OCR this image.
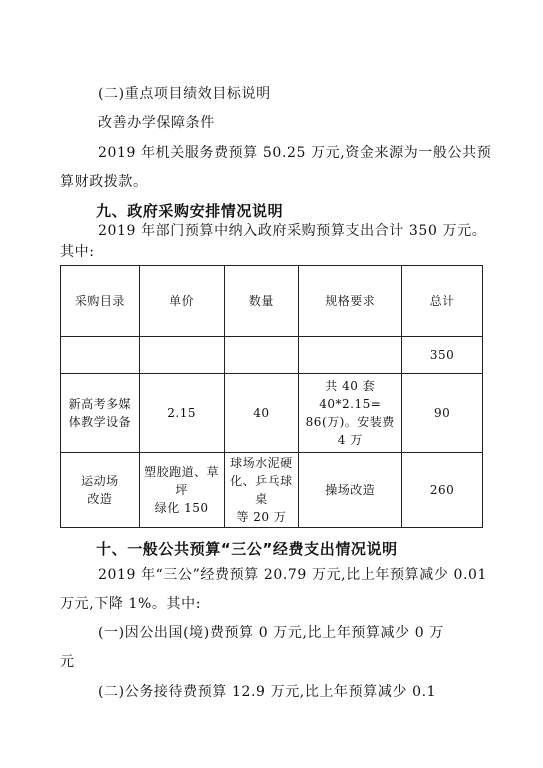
(二)重点项目绩效目标说明
改善办学保障条件
2019 年机关服务费预算 50.25 万元,资金来源为一般公共预
算财政拨款。
九、政府采购安排情况说明
2019 年部门预算中纳入政府采购预算支出合计 350 万元。
其中:
采购目录	单价	数量	规格要求	总计
				350

新高考多媒
体教学设备	2.15	40	共 40 套 40*2.15=
86(万)。安装费
4 万	90

运动场
改造	塑胶跑道、草坪
绿化 150	球场水泥硬
化、乒乓球桌
等 20 万	操场改造	260
十、一般公共预算“三公”经费支出情况说明
2019 年“三公”经费预算 20.79 万元,比上年预算减少 0.01
万元,下降 1%。其中:
(一)因公出国(境)费预算 0 万元,比上年预算减少 0 万
元
(二)公务接待费预算 12.9 万元,比上年预算减少 0.1
